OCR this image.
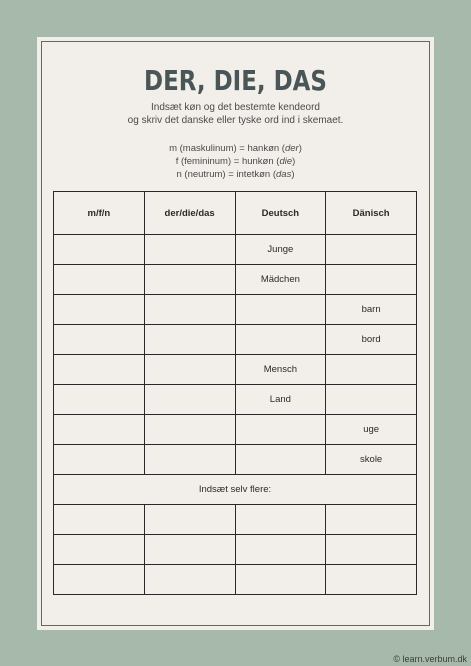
DER, DIE, DAS
Indsæt køn og det bestemte kendeord
og skriv det danske eller tyske ord ind i skemaet.
m (maskulinum) = hankøn (der)
f (femininum) = hunkøn (die)
n (neutrum) = intetkøn (das)
m/f/n	der/die/das	Deutsch	Dänisch
		Junge	
		Mädchen	
			barn
			bord
		Mensch	
		Land	
			uge
			skole
Indsæt selv flere:			

© learn.verbum.dk
